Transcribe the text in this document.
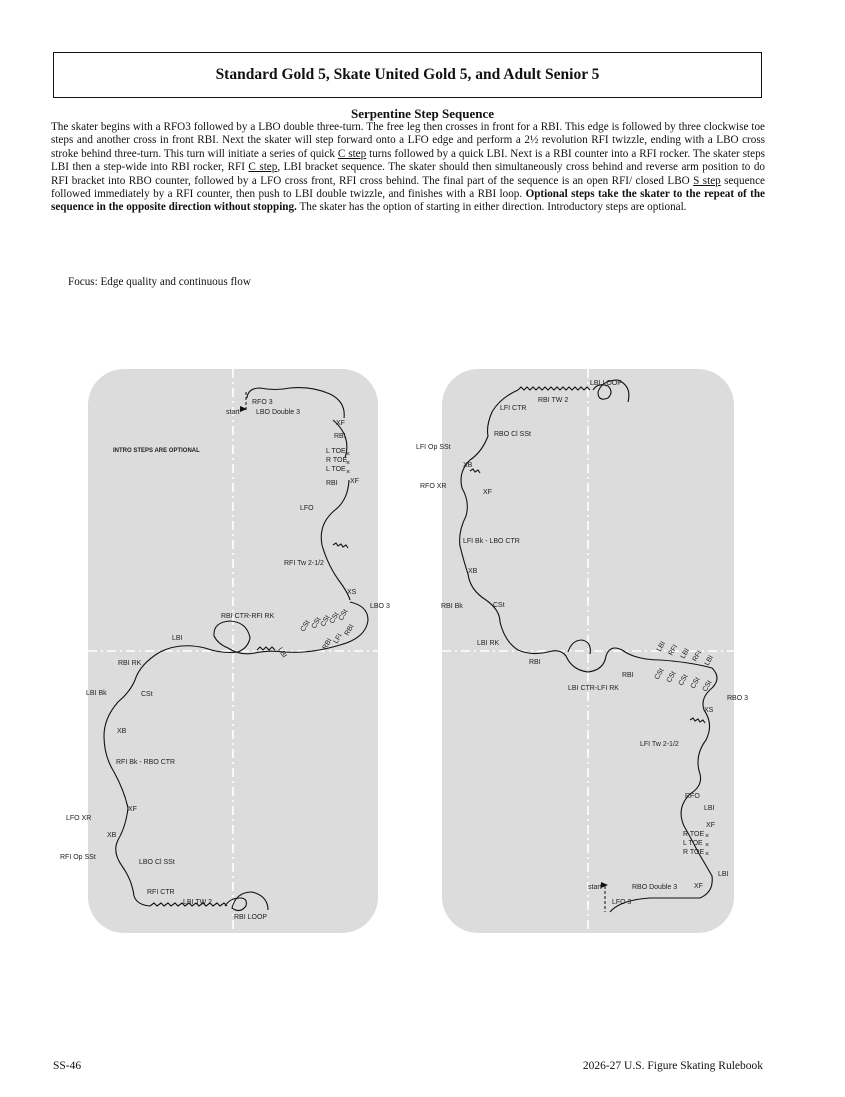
Standard Gold 5, Skate United Gold 5, and Adult Senior 5
Serpentine Step Sequence

The skater begins with a RFO3 followed by a LBO double three-turn. The free leg then crosses in front for a RBI. This edge is followed by three clockwise toe steps and another cross in front RBI. Next the skater will step forward onto a LFO edge and perform a 2½ revolution RFI twizzle, ending with a LBO cross stroke behind three-turn. This turn will initiate a series of quick C step turns followed by a quick LBI. Next is a RBI counter into a RFI rocker. The skater steps LBI then a step-wide into RBI rocker, RFI C step, LBI bracket sequence. The skater should then simultaneously cross behind and reverse arm position to do RFI bracket into RBO counter, followed by a LFO cross front, RFI cross behind. The final part of the sequence is an open RFI/ closed LBO S step sequence followed immediately by a RFI counter, then push to LBI double twizzle, and finishes with a RBI loop. Optional steps take the skater to the repeat of the sequence in the opposite direction without stopping. The skater has the option of starting in either direction. Introductory steps are optional.

Focus: Edge quality and continuous flow
INTRO STEPS ARE OPTIONAL
start
RFO 3
LBO Double 3
XF
RBI
L TOE
R TOE
L TOE
×
×
×
RBI XF
LFO
RFI Tw 2-1/2
XS
LBO 3
CSt
CSt
CSt
CSt
CSt	RBI
LFI
RBI
LBI
RBI CTR-RFI RK
LBI
RBI RK
LBI Bk	CSt
XB
RFI Bk - RBO CTR
XF
LFO XR
XB
RFI Op SSt
LBO Cl SSt
RFI CTR
LBI TW 2
RBI LOOP
LBI LOOP
RBI TW 2
LFI CTR
RBO Cl SSt
LFI Op SSt
XB
RFO XR
XF
LFI Bk - LBO CTR
XB
RBI Bk	CSt
LBI RK
RBI
LBI CTR-LFI RK
RBI
LBI RFI LBI RFI LBI
CSt CSt CSt CSt CSt
RBO 3
XS
LFI Tw 2-1/2
RFO
LBI
XF
R TOE
L TOE
R TOE
×
×
×
LBI
XF
start	RBO Double 3
LFO 3
SS-46	2026-27 U.S. Figure Skating Rulebook
